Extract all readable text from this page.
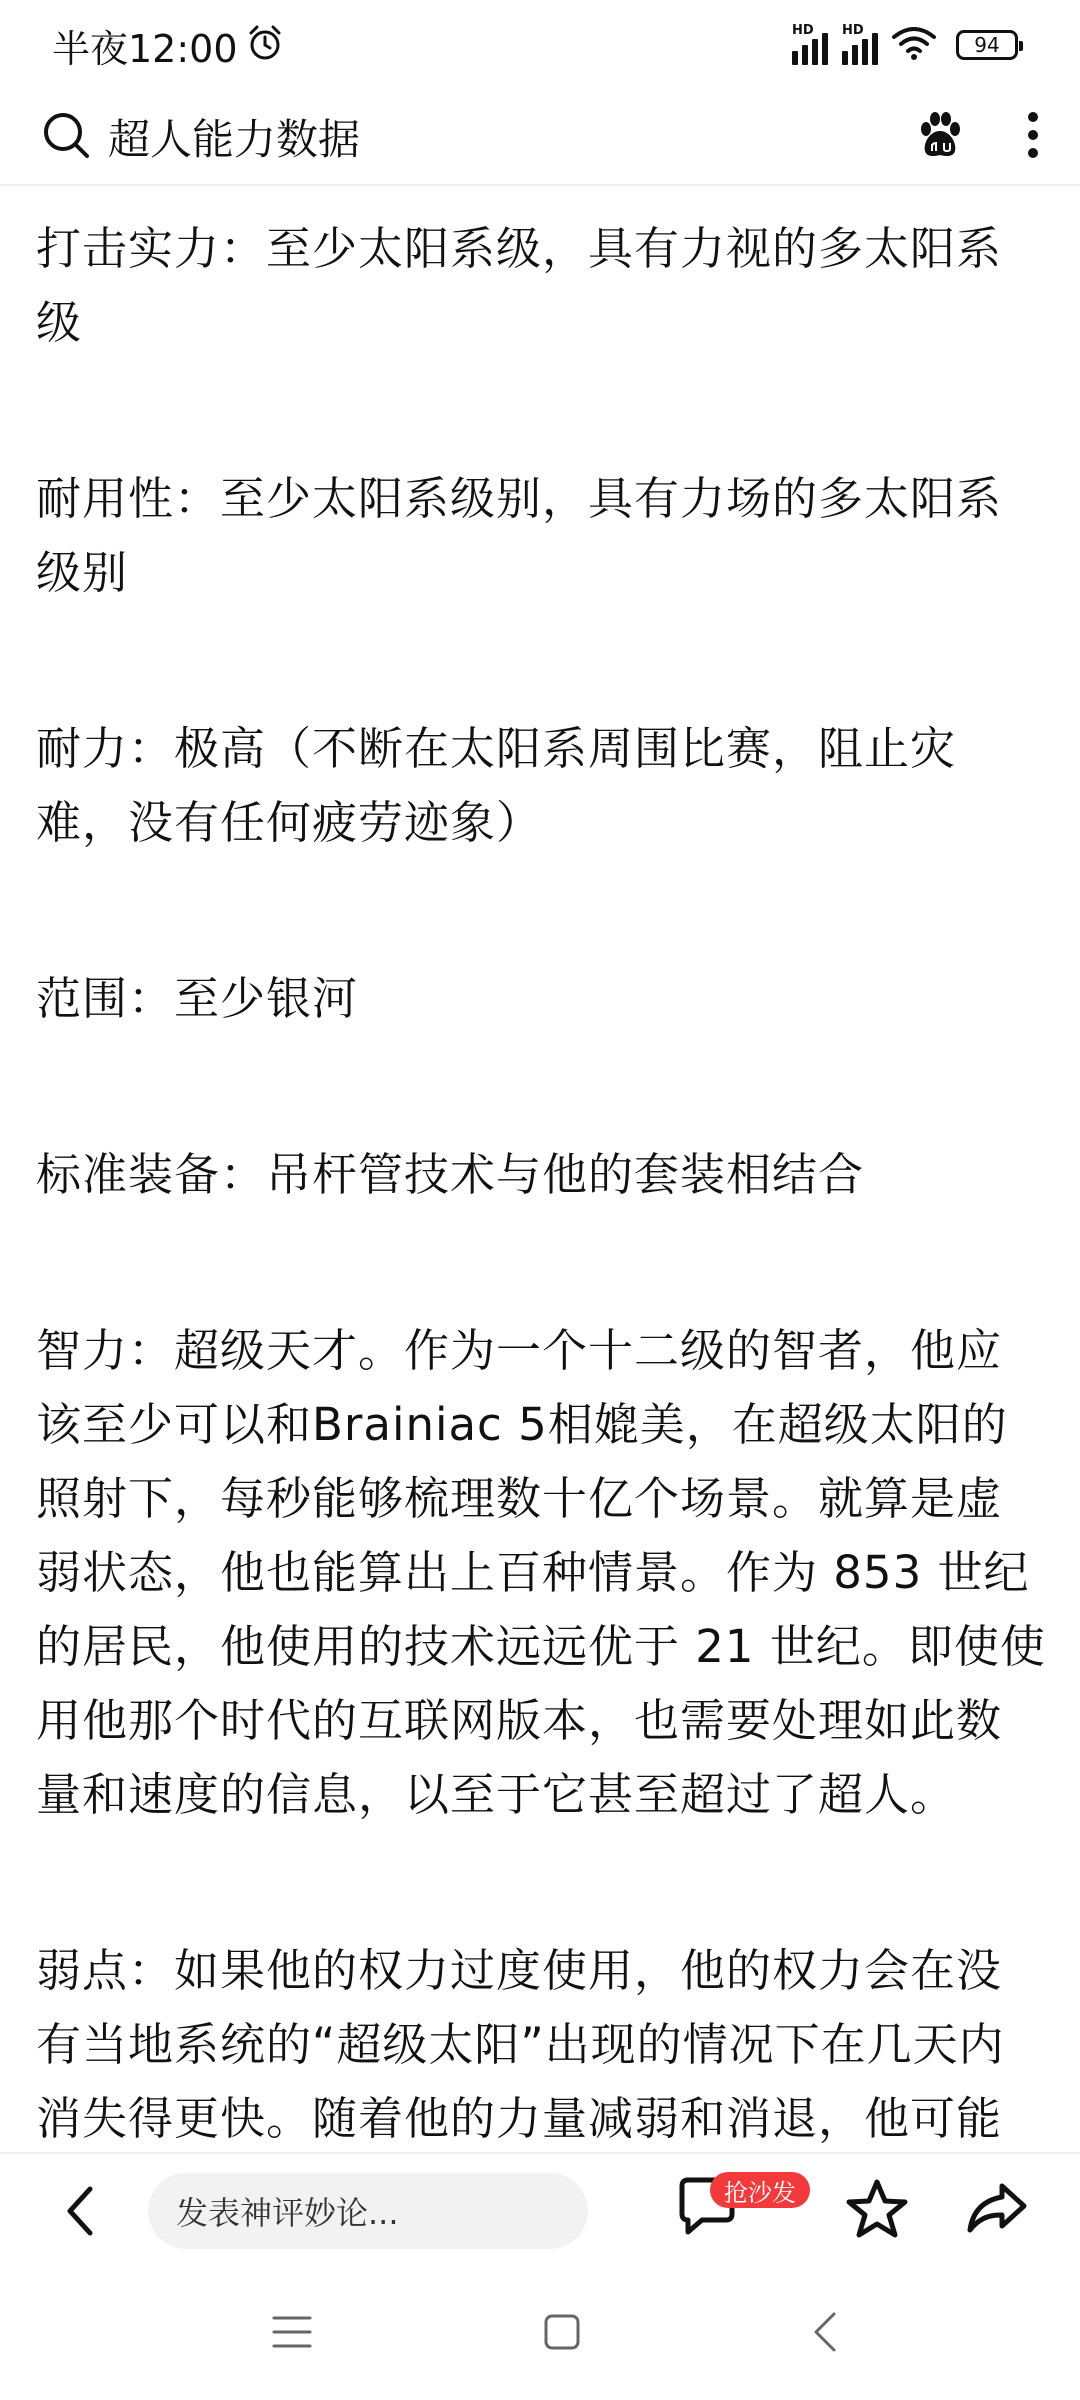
半夜12:00	HD HD
94
超人能力数据

打击实力：至少太阳系级，具有力视的多太阳系级

耐用性：至少太阳系级别，具有力场的多太阳系级别

耐力：极高（不断在太阳系周围比赛，阻止灾难，没有任何疲劳迹象）

范围：至少银河

标准装备：吊杆管技术与他的套装相结合

智力：超级天才。作为一个十二级的智者，他应该至少可以和Brainiac 5相媲美，在超级太阳的照射下，每秒能够梳理数十亿个场景。就算是虚弱状态，他也能算出上百种情景。作为 853 世纪的居民，他使用的技术远远优于 21 世纪。即使使用他那个时代的互联网版本，也需要处理如此数量和速度的信息，以至于它甚至超过了超人。

弱点：如果他的权力过度使用，他的权力会在没有当地系统的“超级太阳”出现的情况下在几天内消失得更快。随着他的力量减弱和消退，他可能

发表神评妙论...
抢沙发
